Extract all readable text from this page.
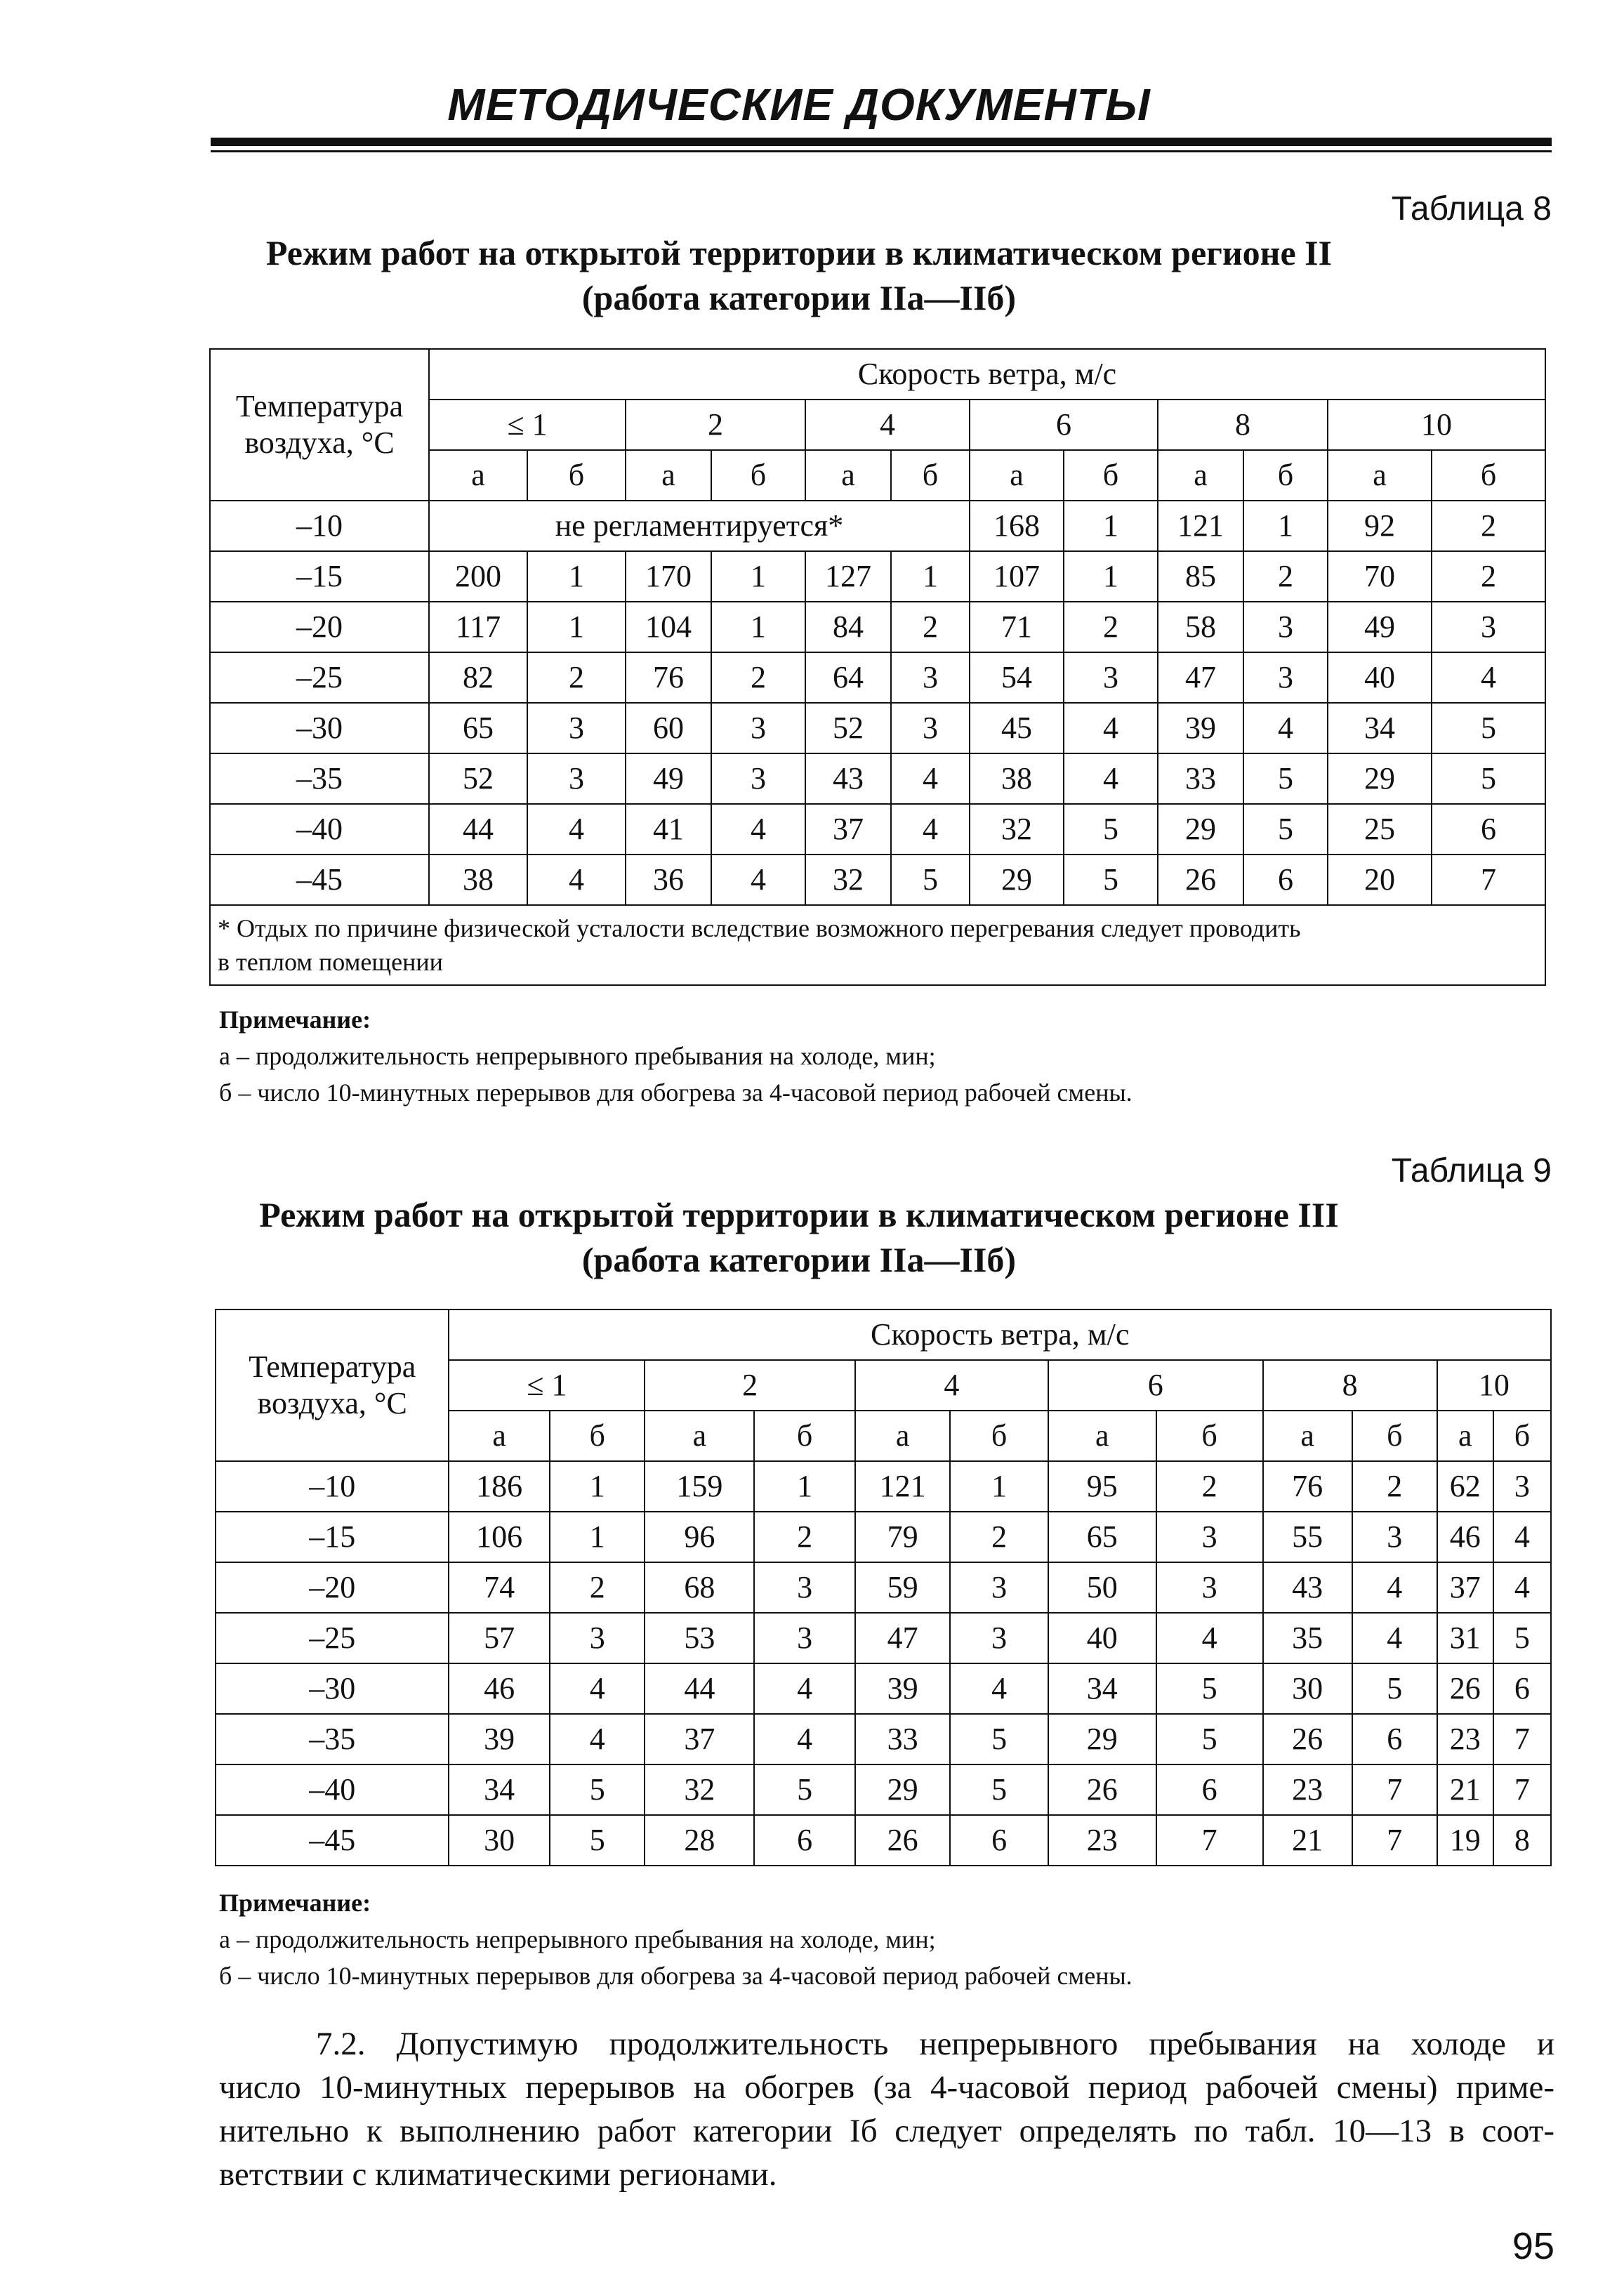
МЕТОДИЧЕСКИЕ ДОКУМЕНТЫ
Таблица 8
Режим работ на открытой территории в климатическом регионе II
(работа категории IIа—IIб)
Температура
воздуха, °С	Скорость ветра, м/с											
	≤ 1		2		4		6		8		10	
	а	б	а	б	а	б	а	б	а	б	а	б
–10	не регламентируется*						168	1	121	1	92	2
–15	200	1	170	1	127	1	107	1	85	2	70	2
–20	117	1	104	1	84	2	71	2	58	3	49	3
–25	82	2	76	2	64	3	54	3	47	3	40	4
–30	65	3	60	3	52	3	45	4	39	4	34	5
–35	52	3	49	3	43	4	38	4	33	5	29	5
–40	44	4	41	4	37	4	32	5	29	5	25	6
–45	38	4	36	4	32	5	29	5	26	6	20	7
* Отдых по причине физической усталости вследствие возможного перегревания следует проводить
в теплом помещении												
Примечание:
а – продолжительность непрерывного пребывания на холоде, мин;
б – число 10-минутных перерывов для обогрева за 4-часовой период рабочей смены.
Таблица 9
Режим работ на открытой территории в климатическом регионе III
(работа категории IIа—IIб)
Температура
воздуха, °С	Скорость ветра, м/с											
	≤ 1		2		4		6		8		10	
	а	б	а	б	а	б	а	б	а	б	а	б
–10	186	1	159	1	121	1	95	2	76	2	62	3
–15	106	1	96	2	79	2	65	3	55	3	46	4
–20	74	2	68	3	59	3	50	3	43	4	37	4
–25	57	3	53	3	47	3	40	4	35	4	31	5
–30	46	4	44	4	39	4	34	5	30	5	26	6
–35	39	4	37	4	33	5	29	5	26	6	23	7
–40	34	5	32	5	29	5	26	6	23	7	21	7
–45	30	5	28	6	26	6	23	7	21	7	19	8
Примечание:
а – продолжительность непрерывного пребывания на холоде, мин;
б – число 10-минутных перерывов для обогрева за 4-часовой период рабочей смены.
7.2. Допустимую продолжительность непрерывного пребывания на холоде и
число 10-минутных перерывов на обогрев (за 4-часовой период рабочей смены) приме-
нительно к выполнению работ категории Iб следует определять по табл. 10—13 в соот-
ветствии с климатическими регионами.
95
